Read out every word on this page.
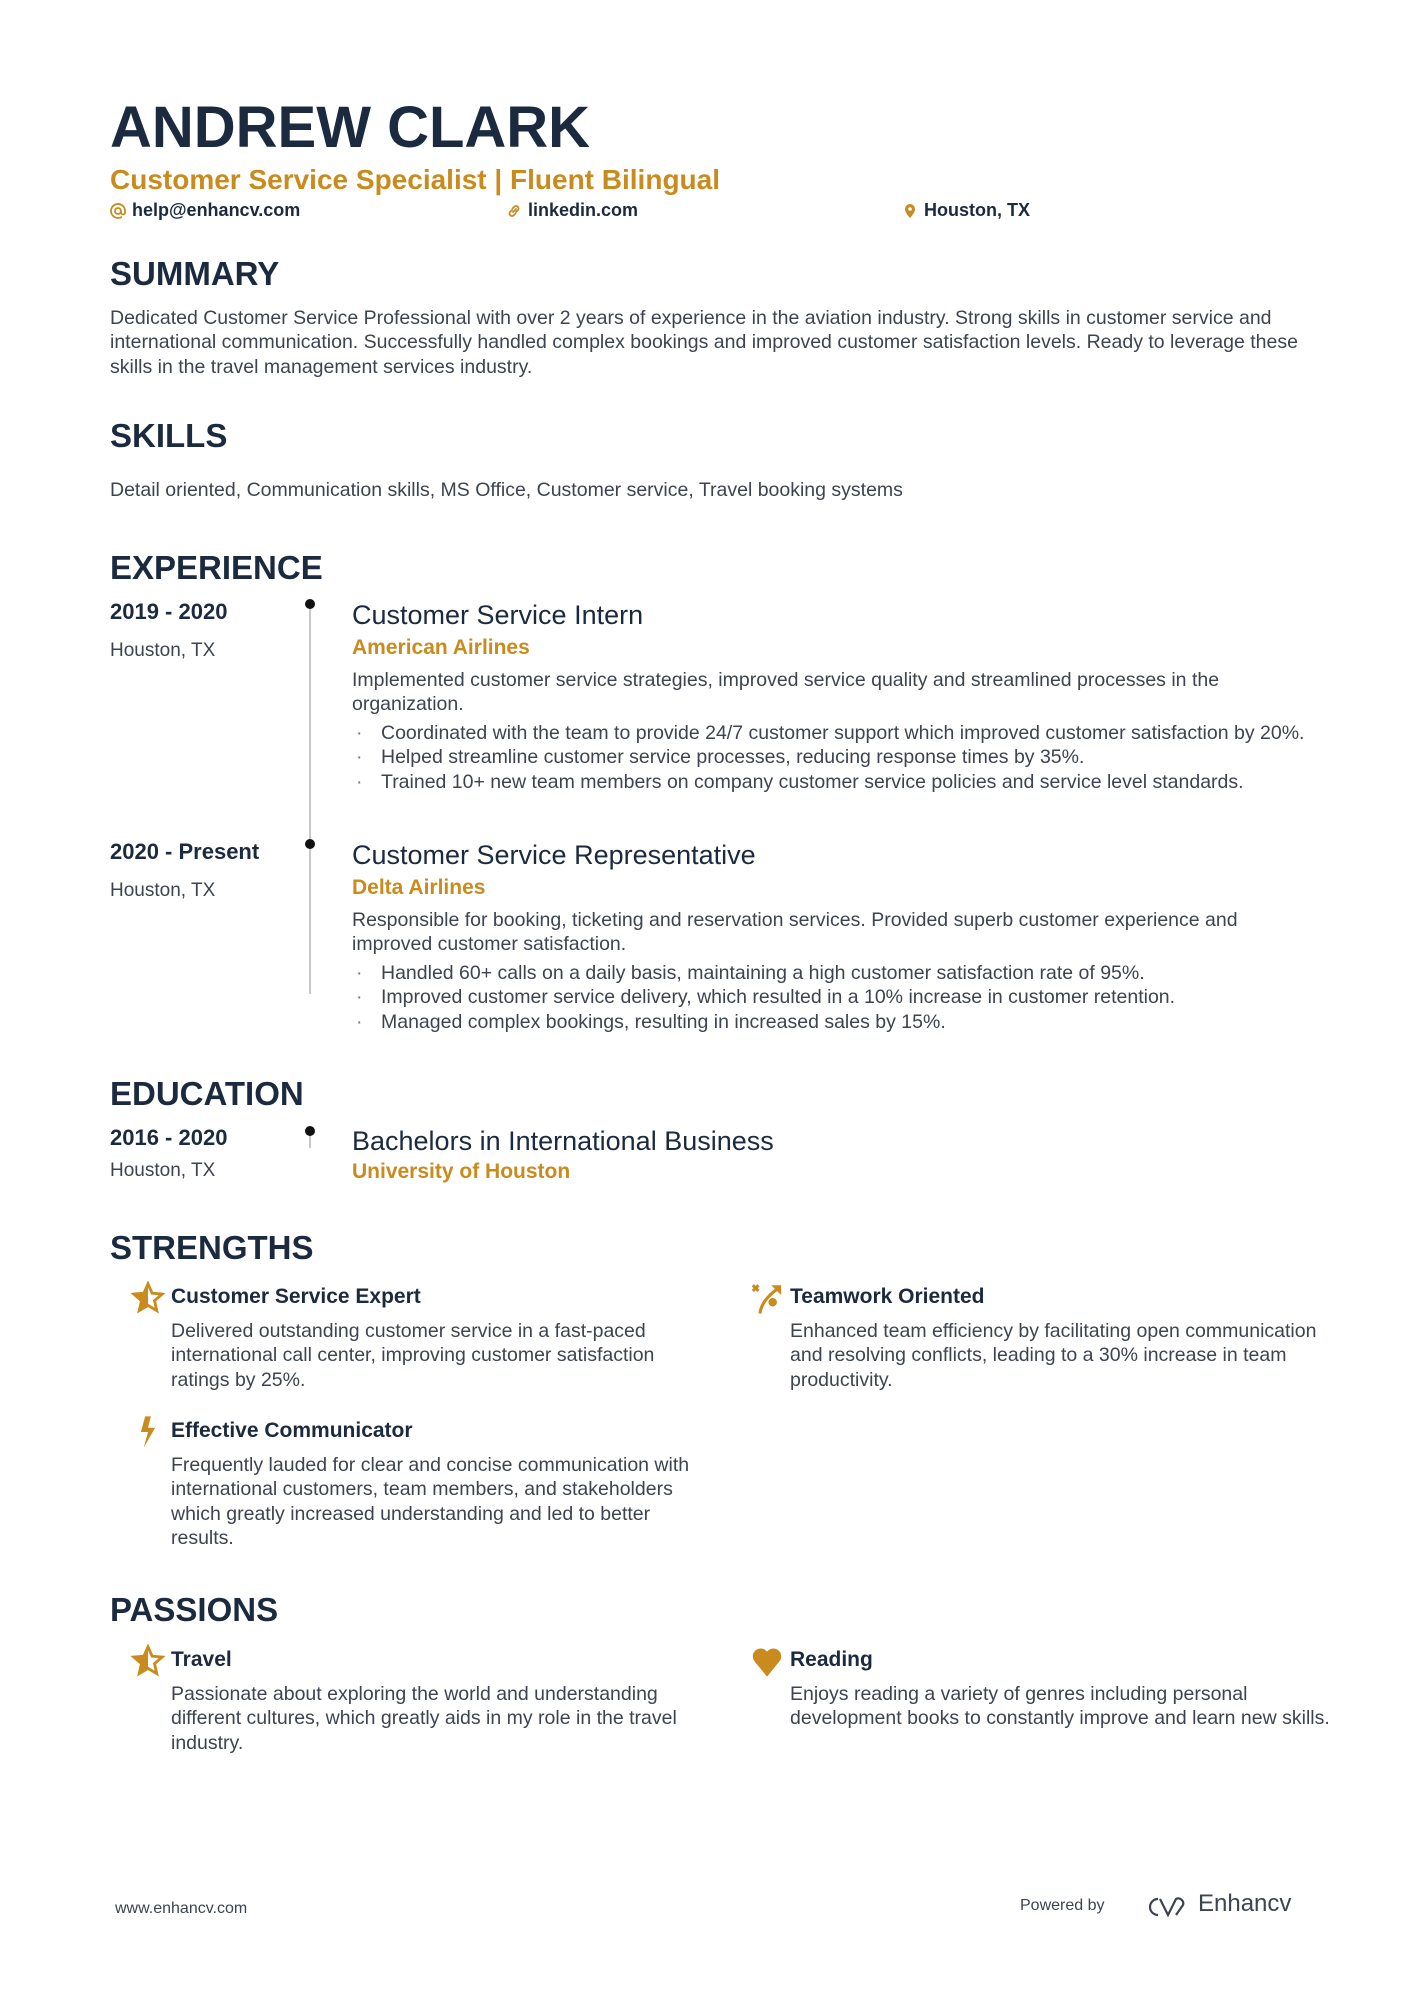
ANDREW CLARK
Customer Service Specialist | Fluent Bilingual
help@enhancv.com	linkedin.com	Houston, TX
SUMMARY
Dedicated Customer Service Professional with over 2 years of experience in the aviation industry. Strong skills in customer service and international communication. Successfully handled complex bookings and improved customer satisfaction levels. Ready to leverage these skills in the travel management services industry.
SKILLS
Detail oriented, Communication skills, MS Office, Customer service, Travel booking systems
EXPERIENCE
2019 - 2020
Houston, TX
Customer Service Intern
American Airlines
Implemented customer service strategies, improved service quality and streamlined processes in the organization.
· Coordinated with the team to provide 24/7 customer support which improved customer satisfaction by 20%.
· Helped streamline customer service processes, reducing response times by 35%.
· Trained 10+ new team members on company customer service policies and service level standards.
2020 - Present
Houston, TX
Customer Service Representative
Delta Airlines
Responsible for booking, ticketing and reservation services. Provided superb customer experience and improved customer satisfaction.
· Handled 60+ calls on a daily basis, maintaining a high customer satisfaction rate of 95%.
· Improved customer service delivery, which resulted in a 10% increase in customer retention.
· Managed complex bookings, resulting in increased sales by 15%.
EDUCATION
2016 - 2020
Houston, TX
Bachelors in International Business
University of Houston
STRENGTHS
Customer Service Expert
Delivered outstanding customer service in a fast-paced international call center, improving customer satisfaction ratings by 25%.
Teamwork Oriented
Enhanced team efficiency by facilitating open communication and resolving conflicts, leading to a 30% increase in team productivity.
Effective Communicator
Frequently lauded for clear and concise communication with international customers, team members, and stakeholders which greatly increased understanding and led to better results.
PASSIONS
Travel
Passionate about exploring the world and understanding different cultures, which greatly aids in my role in the travel industry.
Reading
Enjoys reading a variety of genres including personal development books to constantly improve and learn new skills.
www.enhancv.com	Powered by	Enhancv
